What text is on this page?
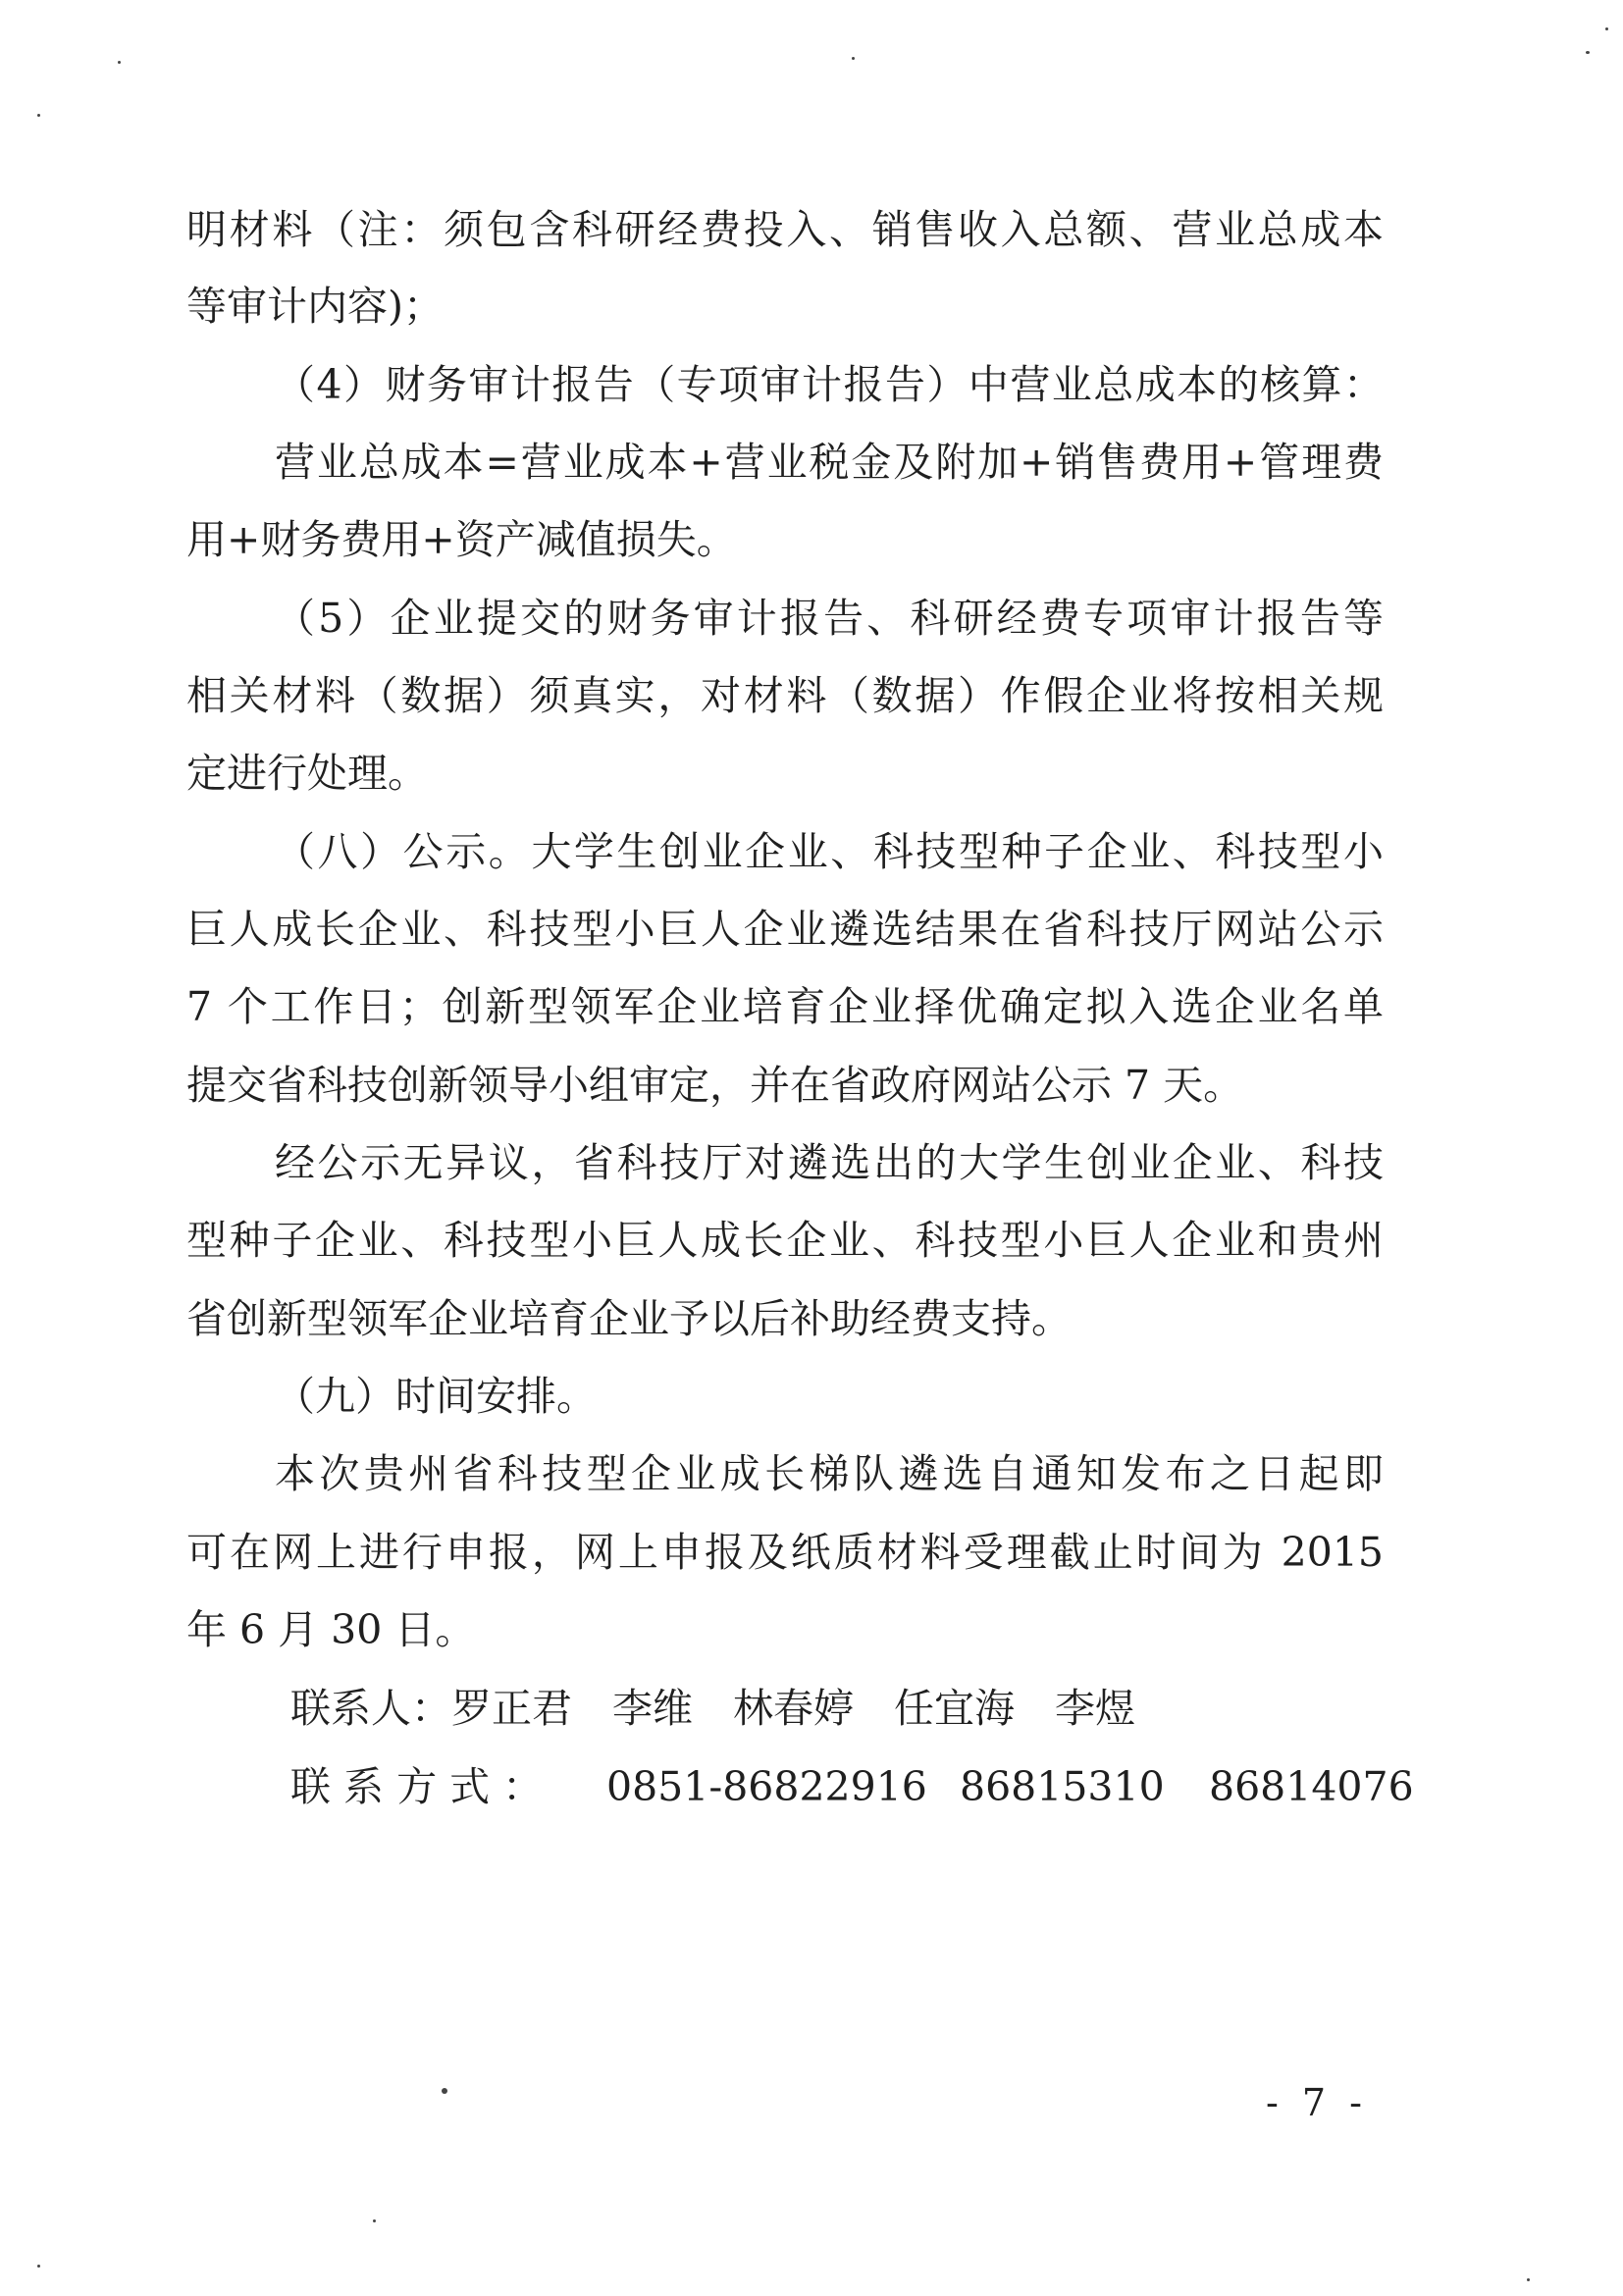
明材料（注：须包含科研经费投入、销售收入总额、营业总成本
等审计内容)；
（4）财务审计报告（专项审计报告）中营业总成本的核算：
营业总成本=营业成本+营业税金及附加+销售费用+管理费
用+财务费用+资产减值损失。
（5）企业提交的财务审计报告、科研经费专项审计报告等
相关材料（数据）须真实，对材料（数据）作假企业将按相关规
定进行处理。
（八）公示。大学生创业企业、科技型种子企业、科技型小
巨人成长企业、科技型小巨人企业遴选结果在省科技厅网站公示
7 个工作日；创新型领军企业培育企业择优确定拟入选企业名单
提交省科技创新领导小组审定，并在省政府网站公示 7 天。
经公示无异议，省科技厅对遴选出的大学生创业企业、科技
型种子企业、科技型小巨人成长企业、科技型小巨人企业和贵州
省创新型领军企业培育企业予以后补助经费支持。
（九）时间安排。
本次贵州省科技型企业成长梯队遴选自通知发布之日起即
可在网上进行申报，网上申报及纸质材料受理截止时间为 2015
年 6 月 30 日。
联系人：罗正君　李维　林春婷　任宜海　李煜
联 系 方 式 ： 0851-86822916 86815310 86814076
- 7 -
